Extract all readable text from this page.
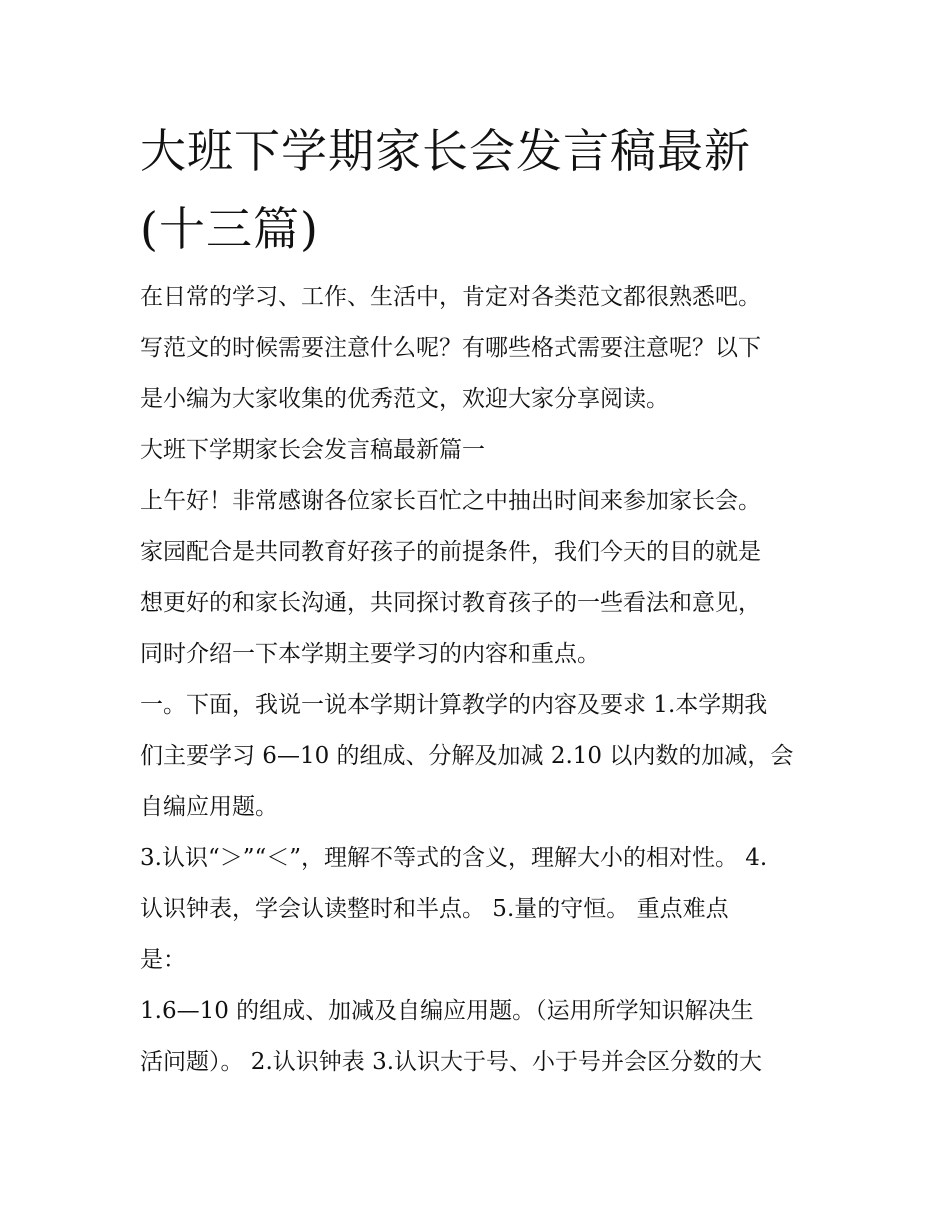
大班下学期家长会发言稿最新
(十三篇)

在日常的学习、工作、生活中，肯定对各类范文都很熟悉吧。

写范文的时候需要注意什么呢？有哪些格式需要注意呢？以下

是小编为大家收集的优秀范文，欢迎大家分享阅读。

大班下学期家长会发言稿最新篇一

上午好！非常感谢各位家长百忙之中抽出时间来参加家长会。

家园配合是共同教育好孩子的前提条件，我们今天的目的就是

想更好的和家长沟通，共同探讨教育孩子的一些看法和意见，

同时介绍一下本学期主要学习的内容和重点。

一。下面，我说一说本学期计算教学的内容及要求 1.本学期我

们主要学习 6—10 的组成、分解及加减 2.10 以内数的加减，会

自编应用题。

3.认识“＞”“＜”，理解不等式的含义，理解大小的相对性。 4.

认识钟表，学会认读整时和半点。 5.量的守恒。 重点难点

是：

1.6—10 的组成、加减及自编应用题。（运用所学知识解决生

活问题）。 2.认识钟表 3.认识大于号、小于号并会区分数的大
